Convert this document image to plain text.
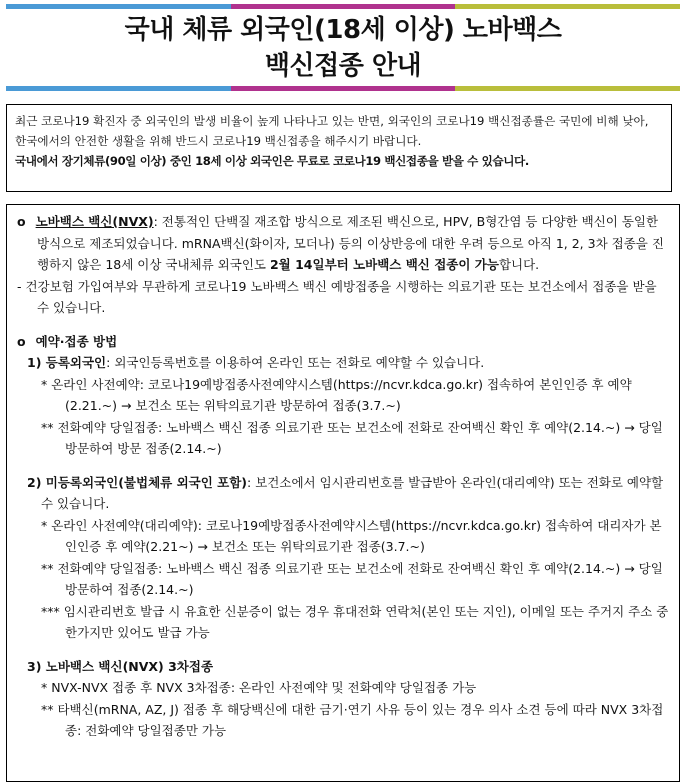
국내 체류 외국인(18세 이상) 노바백스
백신접종 안내

최근 코로나19 확진자 중 외국인의 발생 비율이 높게 나타나고 있는 반면, 외국인의 코로나19 백신접종률은 국민에 비해 낮아, 한국에서의 안전한 생활을 위해 반드시 코로나19 백신접종을 해주시기 바랍니다.

국내에서 장기체류(90일 이상) 중인 18세 이상 외국인은 무료로 코로나19 백신접종을 받을 수 있습니다.

o 노바백스 백신(NVX): 전통적인 단백질 재조합 방식으로 제조된 백신으로, HPV, B형간염 등 다양한 백신이 동일한 방식으로 제조되었습니다. mRNA백신(화이자, 모더나) 등의 이상반응에 대한 우려 등으로 아직 1, 2, 3차 접종을 진행하지 않은 18세 이상 국내체류 외국인도 2월 14일부터 노바백스 백신 접종이 가능합니다.

- 건강보험 가입여부와 무관하게 코로나19 노바백스 백신 예방접종을 시행하는 의료기관 또는 보건소에서 접종을 받을 수 있습니다.

o 예약·접종 방법

1) 등록외국인: 외국인등록번호를 이용하여 온라인 또는 전화로 예약할 수 있습니다.

* 온라인 사전예약: 코로나19예방접종사전예약시스템(https://ncvr.kdca.go.kr) 접속하여 본인인증 후 예약(2.21.~) → 보건소 또는 위탁의료기관 방문하여 접종(3.7.~)

** 전화예약 당일접종: 노바백스 백신 접종 의료기관 또는 보건소에 전화로 잔여백신 확인 후 예약(2.14.~) → 당일 방문하여 방문 접종(2.14.~)

2) 미등록외국인(불법체류 외국인 포함): 보건소에서 임시관리번호를 발급받아 온라인(대리예약) 또는 전화로 예약할 수 있습니다.

* 온라인 사전예약(대리예약): 코로나19예방접종사전예약시스템(https://ncvr.kdca.go.kr) 접속하여 대리자가 본인인증 후 예약(2.21~) → 보건소 또는 위탁의료기관 접종(3.7.~)

** 전화예약 당일접종: 노바백스 백신 접종 의료기관 또는 보건소에 전화로 잔여백신 확인 후 예약(2.14.~) → 당일 방문하여 접종(2.14.~)

*** 임시관리번호 발급 시 유효한 신분증이 없는 경우 휴대전화 연락처(본인 또는 지인), 이메일 또는 주거지 주소 중 한가지만 있어도 발급 가능

3) 노바백스 백신(NVX) 3차접종

* NVX-NVX 접종 후 NVX 3차접종: 온라인 사전예약 및 전화예약 당일접종 가능

** 타백신(mRNA, AZ, J) 접종 후 해당백신에 대한 금기·연기 사유 등이 있는 경우 의사 소견 등에 따라 NVX 3차접종: 전화예약 당일접종만 가능
